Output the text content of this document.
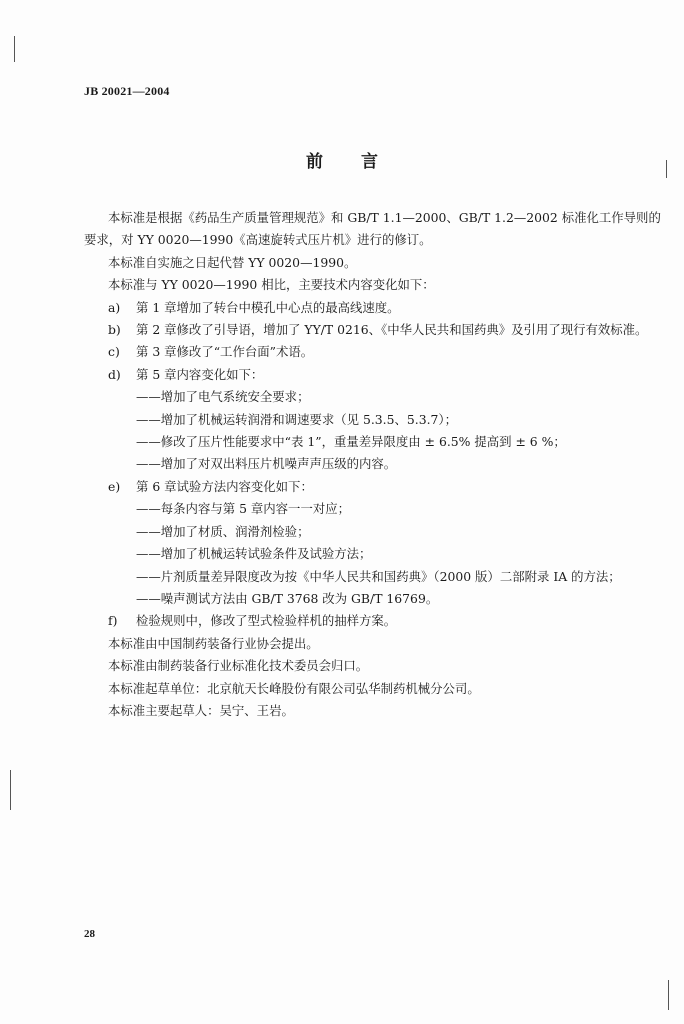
JB 20021—2004
前言
本标准是根据《药品生产质量管理规范》和 GB/T 1.1—2000、GB/T 1.2—2002 标准化工作导则的
要求，对 YY 0020—1990《高速旋转式压片机》进行的修订。
本标准自实施之日起代替 YY 0020—1990。
本标准与 YY 0020—1990 相比，主要技术内容变化如下：
a)	第 1 章增加了转台中模孔中心点的最高线速度。
b)	第 2 章修改了引导语，增加了 YY/T 0216、《中华人民共和国药典》及引用了现行有效标准。
c)	第 3 章修改了“工作台面”术语。
d)	第 5 章内容变化如下：
——增加了电气系统安全要求；
——增加了机械运转润滑和调速要求（见 5.3.5、5.3.7）；
——修改了压片性能要求中“表 1”，重量差异限度由 ± 6.5% 提高到 ± 6 %；
——增加了对双出料压片机噪声声压级的内容。
e)	第 6 章试验方法内容变化如下：
——每条内容与第 5 章内容一一对应；
——增加了材质、润滑剂检验；
——增加了机械运转试验条件及试验方法；
——片剂质量差异限度改为按《中华人民共和国药典》（2000 版）二部附录 IA 的方法；
——噪声测试方法由 GB/T 3768 改为 GB/T 16769。
f)	检验规则中，修改了型式检验样机的抽样方案。
本标准由中国制药装备行业协会提出。
本标准由制药装备行业标准化技术委员会归口。
本标准起草单位：北京航天长峰股份有限公司弘华制药机械分公司。
本标准主要起草人：吴宁、王岩。
28
